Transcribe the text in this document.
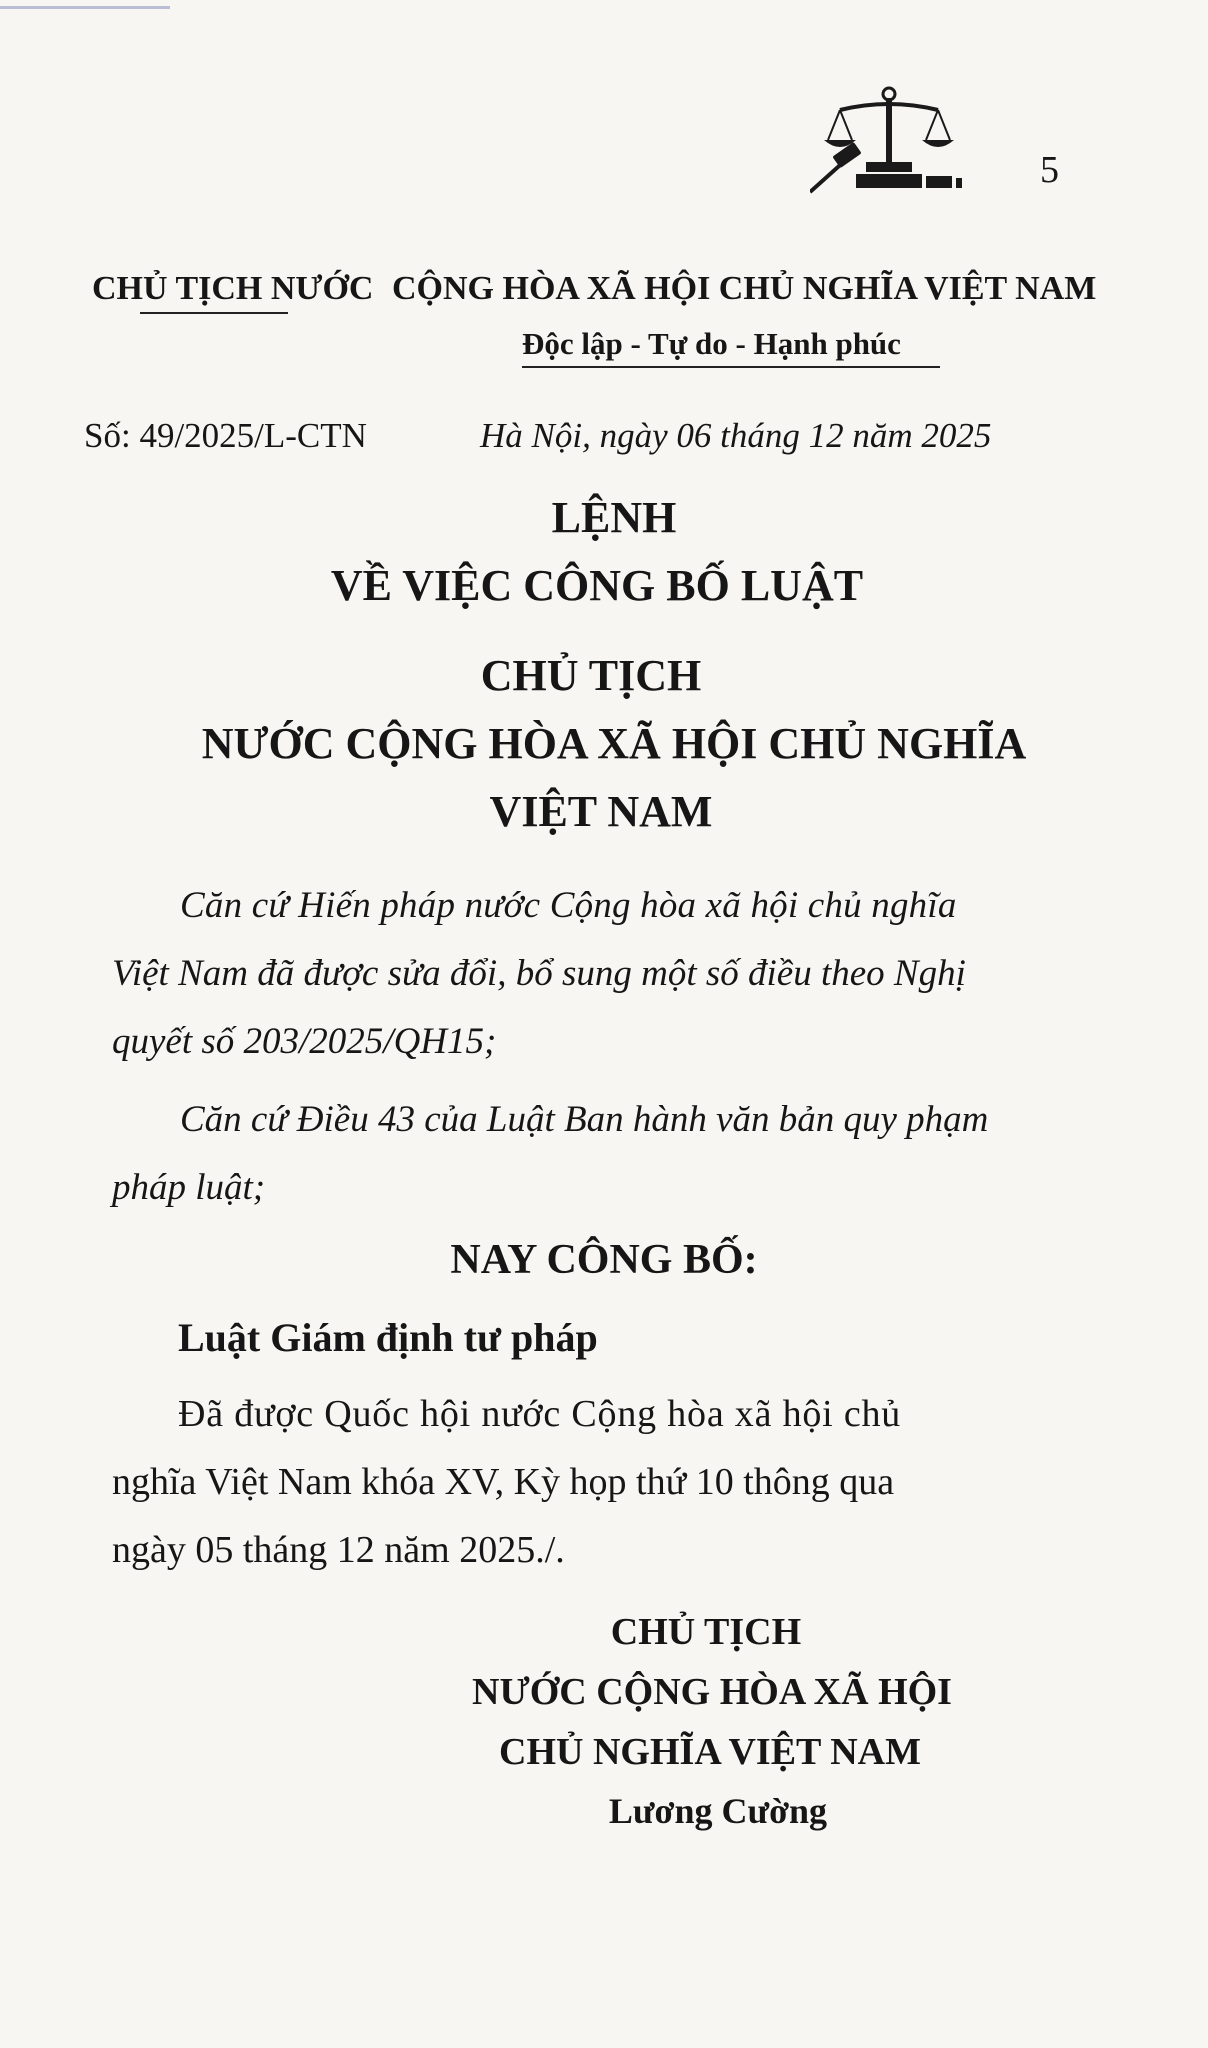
5
CHỦ TỊCH NƯỚC CỘNG HÒA XÃ HỘI CHỦ NGHĨA VIỆT NAM
Độc lập - Tự do - Hạnh phúc
Số: 49/2025/L-CTN	Hà Nội, ngày 06 tháng 12 năm 2025
LỆNH
VỀ VIỆC CÔNG BỐ LUẬT
CHỦ TỊCH
NƯỚC CỘNG HÒA XÃ HỘI CHỦ NGHĨA
VIỆT NAM
Căn cứ Hiến pháp nước Cộng hòa xã hội chủ nghĩa
Việt Nam đã được sửa đổi, bổ sung một số điều theo Nghị
quyết số 203/2025/QH15;
Căn cứ Điều 43 của Luật Ban hành văn bản quy phạm
pháp luật;
NAY CÔNG BỐ:
Luật Giám định tư pháp
Đã được Quốc hội nước Cộng hòa xã hội chủ
nghĩa Việt Nam khóa XV, Kỳ họp thứ 10 thông qua
ngày 05 tháng 12 năm 2025./.
CHỦ TỊCH
NƯỚC CỘNG HÒA XÃ HỘI
CHỦ NGHĨA VIỆT NAM
Lương Cường
